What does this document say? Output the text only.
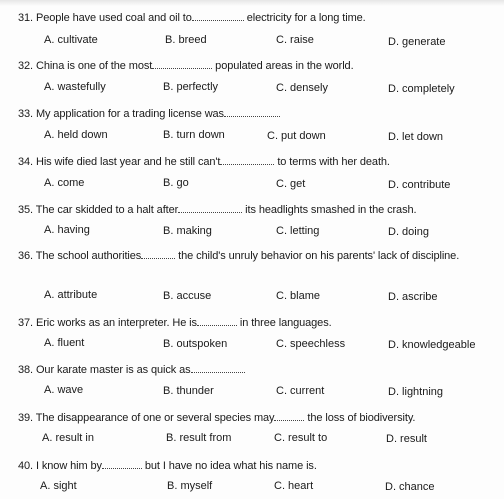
31. People have used coal and oil to	electricity for a long time.
A. cultivate	B. breed	C. raise	D. generate
32. China is one of the most	populated areas in the world.
A. wastefully	B. perfectly	C. densely	D. completely
33. My application for a trading license was
A. held down	B. turn down	C. put down	D. let down
34. His wife died last year and he still can't	to terms with her death.
A. come	B. go	C. get	D. contribute
35. The car skidded to a halt after	its headlights smashed in the crash.
A. having	B. making	C. letting	D. doing
36. The school authorities	the child's unruly behavior on his parents' lack of discipline.
A. attribute	B. accuse	C. blame	D. ascribe
37. Eric works as an interpreter. He is	in three languages.
A. fluent	B. outspoken	C. speechless	D. knowledgeable
38. Our karate master is as quick as
A. wave	B. thunder	C. current	D. lightning
39. The disappearance of one or several species may	the loss of biodiversity.
A. result in	B. result from	C. result to	D. result
40. I know him by	but I have no idea what his name is.
A. sight	B. myself	C. heart	D. chance
